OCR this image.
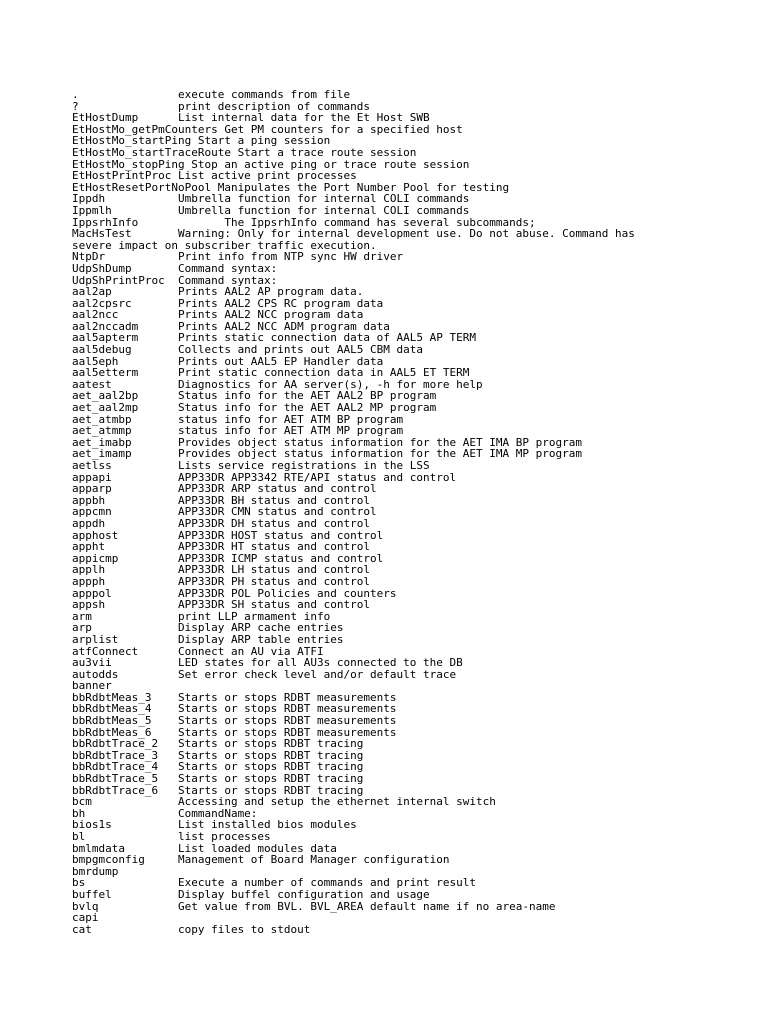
.               execute commands from file
?               print description of commands
EtHostDump      List internal data for the Et Host SWB
EtHostMo_getPmCounters Get PM counters for a specified host
EtHostMo_startPing Start a ping session
EtHostMo_startTraceRoute Start a trace route session
EtHostMo_stopPing Stop an active ping or trace route session
EtHostPrintProc List active print processes
EtHostResetPortNoPool Manipulates the Port Number Pool for testing
Ippdh           Umbrella function for internal COLI commands
Ippmlh          Umbrella function for internal COLI commands
IppsrhInfo             The IppsrhInfo command has several subcommands;
MacHsTest       Warning: Only for internal development use. Do not abuse. Command has
severe impact on subscriber traffic execution.
NtpDr           Print info from NTP sync HW driver
UdpShDump       Command syntax:
UdpShPrintProc  Command syntax:
aal2ap          Prints AAL2 AP program data.
aal2cpsrc       Prints AAL2 CPS RC program data
aal2ncc         Prints AAL2 NCC program data
aal2nccadm      Prints AAL2 NCC ADM program data
aal5apterm      Prints static connection data of AAL5 AP TERM
aal5debug       Collects and prints out AAL5 CBM data
aal5eph         Prints out AAL5 EP Handler data
aal5etterm      Print static connection data in AAL5 ET TERM
aatest          Diagnostics for AA server(s), -h for more help
aet_aal2bp      Status info for the AET AAL2 BP program
aet_aal2mp      Status info for the AET AAL2 MP program
aet_atmbp       status info for AET ATM BP program
aet_atmmp       status info for AET ATM MP program
aet_imabp       Provides object status information for the AET IMA BP program
aet_imamp       Provides object status information for the AET IMA MP program
aetlss          Lists service registrations in the LSS
appapi          APP33DR APP3342 RTE/API status and control
apparp          APP33DR ARP status and control
appbh           APP33DR BH status and control
appcmn          APP33DR CMN status and control
appdh           APP33DR DH status and control
apphost         APP33DR HOST status and control
appht           APP33DR HT status and control
appicmp         APP33DR ICMP status and control
applh           APP33DR LH status and control
appph           APP33DR PH status and control
apppol          APP33DR POL Policies and counters
appsh           APP33DR SH status and control
arm             print LLP armament info
arp             Display ARP cache entries
arplist         Display ARP table entries
atfConnect      Connect an AU via ATFI
au3vii          LED states for all AU3s connected to the DB
autodds         Set error check level and/or default trace
banner
bbRdbtMeas_3    Starts or stops RDBT measurements
bbRdbtMeas_4    Starts or stops RDBT measurements
bbRdbtMeas_5    Starts or stops RDBT measurements
bbRdbtMeas_6    Starts or stops RDBT measurements
bbRdbtTrace_2   Starts or stops RDBT tracing
bbRdbtTrace_3   Starts or stops RDBT tracing
bbRdbtTrace_4   Starts or stops RDBT tracing
bbRdbtTrace_5   Starts or stops RDBT tracing
bbRdbtTrace_6   Starts or stops RDBT tracing
bcm             Accessing and setup the ethernet internal switch
bh              CommandName:
bios1s          List installed bios modules
bl              list processes
bmlmdata        List loaded modules data
bmpgmconfig     Management of Board Manager configuration
bmrdump
bs              Execute a number of commands and print result
buffel          Display buffel configuration and usage
bvlq            Get value from BVL. BVL_AREA default name if no area-name
capi
cat             copy files to stdout
